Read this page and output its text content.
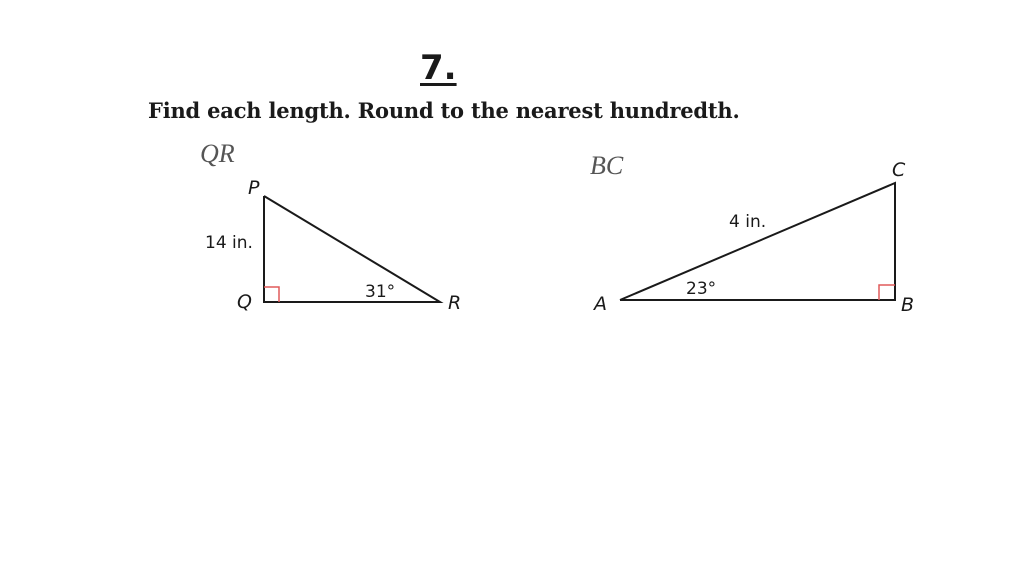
7.
Find each length. Round to the nearest hundredth.
QR	BC
P
Q	R
14 in.
31°
A	B
C
4 in.
23°
